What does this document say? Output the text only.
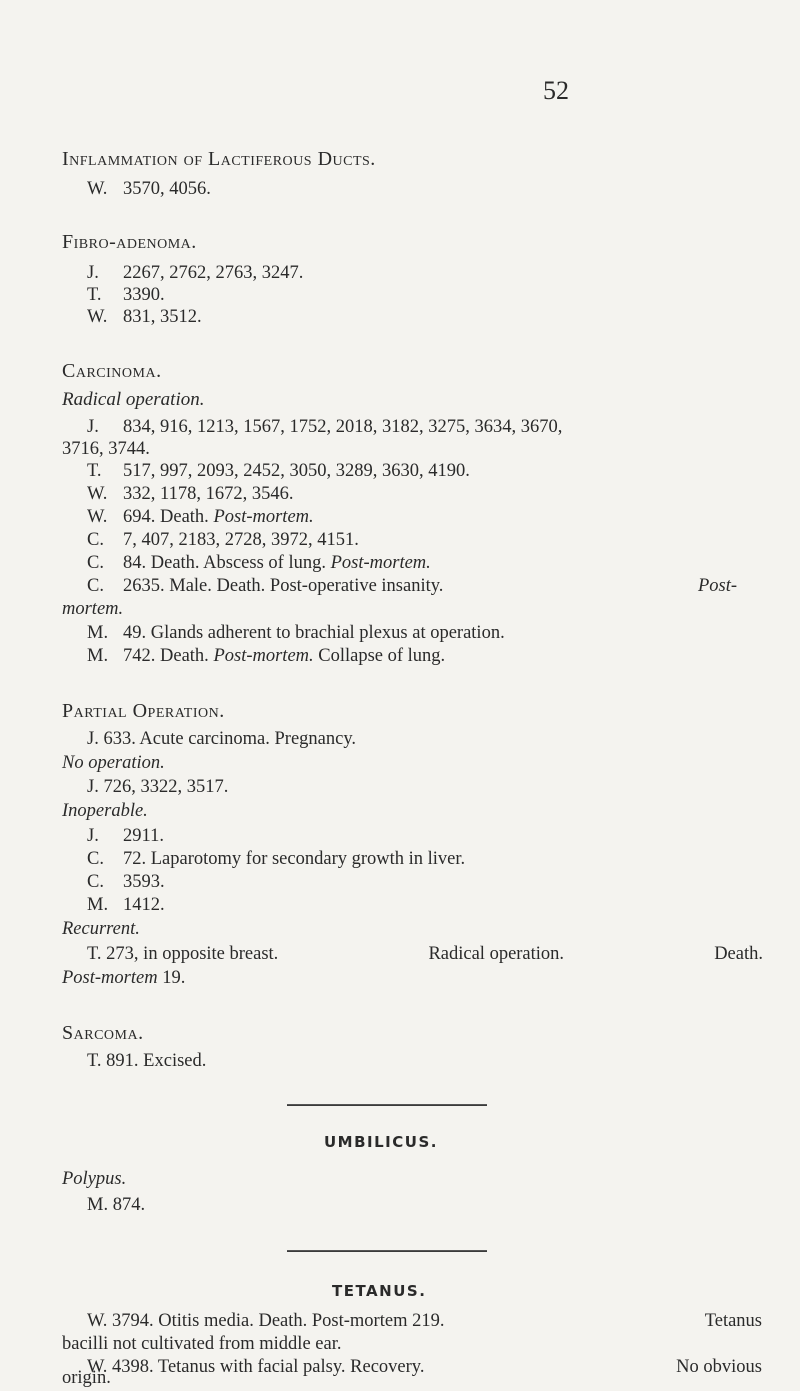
52
Inflammation of Lactiferous Ducts.
W. 3570, 4056.
Fibro-adenoma.
J. 2267, 2762, 2763, 3247.
T. 3390.
W. 831, 3512.
Carcinoma.
Radical operation.
J. 834, 916, 1213, 1567, 1752, 2018, 3182, 3275, 3634, 3670,
3716, 3744.
T. 517, 997, 2093, 2452, 3050, 3289, 3630, 4190.
W. 332, 1178, 1672, 3546.
W. 694. Death. Post-mortem.
C. 7, 407, 2183, 2728, 3972, 4151.
C. 84. Death. Abscess of lung. Post-mortem.
C. 2635. Male. Death. Post-operative insanity.	Post-
mortem.
M. 49. Glands adherent to brachial plexus at operation.
M. 742. Death. Post-mortem. Collapse of lung.
Partial Operation.
J. 633. Acute carcinoma. Pregnancy.
No operation.
J. 726, 3322, 3517.
Inoperable.
J. 2911.
C. 72. Laparotomy for secondary growth in liver.
C. 3593.
M. 1412.
Recurrent.
T. 273, in opposite breast.	Radical operation.	Death.
Post-mortem 19.
Sarcoma.
T. 891. Excised.
UMBILICUS.
Polypus.
M. 874.
TETANUS.
W. 3794. Otitis media. Death. Post-mortem 219.	Tetanus
bacilli not cultivated from middle ear.
W. 4398. Tetanus with facial palsy. Recovery.	No obvious
origin.
